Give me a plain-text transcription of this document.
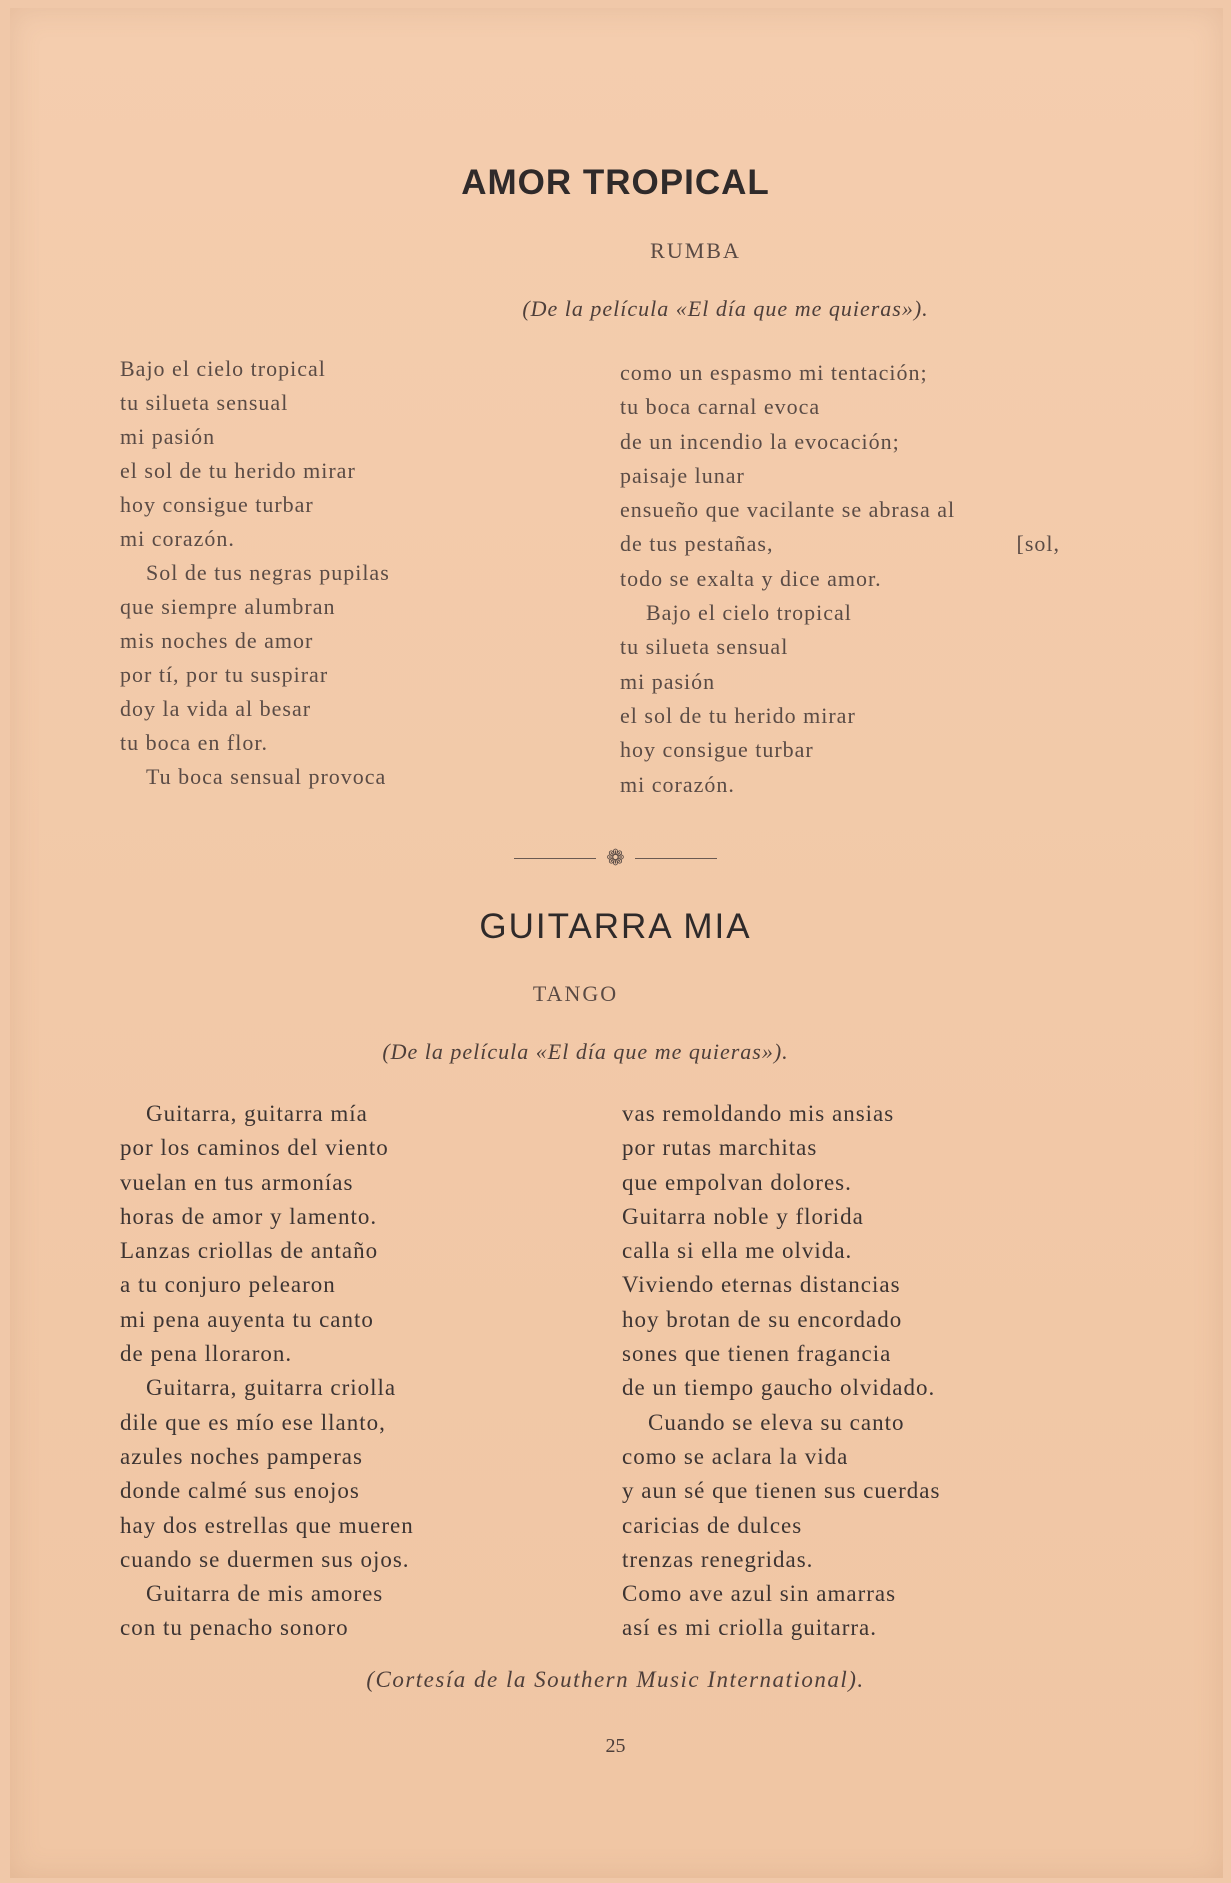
AMOR TROPICAL

RUMBA

(De la película «El día que me quieras»).

Bajo el cielo tropical
tu silueta sensual
mi pasión
el sol de tu herido mirar
hoy consigue turbar
mi corazón.
Sol de tus negras pupilas
que siempre alumbran
mis noches de amor
por tí, por tu suspirar
doy la vida al besar
tu boca en flor.
Tu boca sensual provoca
como un espasmo mi tentación;
tu boca carnal evoca
de un incendio la evocación;
paisaje lunar
ensueño que vacilante se abrasa al
de tus pestañas,	[sol,
todo se exalta y dice amor.
Bajo el cielo tropical
tu silueta sensual
mi pasión
el sol de tu herido mirar
hoy consigue turbar
mi corazón.
❁
GUITARRA MIA

TANGO

(De la película «El día que me quieras»).

Guitarra, guitarra mía
por los caminos del viento
vuelan en tus armonías
horas de amor y lamento.
Lanzas criollas de antaño
a tu conjuro pelearon
mi pena auyenta tu canto
de pena lloraron.
Guitarra, guitarra criolla
dile que es mío ese llanto,
azules noches pamperas
donde calmé sus enojos
hay dos estrellas que mueren
cuando se duermen sus ojos.
Guitarra de mis amores
con tu penacho sonoro
vas remoldando mis ansias
por rutas marchitas
que empolvan dolores.
Guitarra noble y florida
calla si ella me olvida.
Viviendo eternas distancias
hoy brotan de su encordado
sones que tienen fragancia
de un tiempo gaucho olvidado.
Cuando se eleva su canto
como se aclara la vida
y aun sé que tienen sus cuerdas
caricias de dulces
trenzas renegridas.
Como ave azul sin amarras
así es mi criolla guitarra.

(Cortesía de la Southern Music International).

25
